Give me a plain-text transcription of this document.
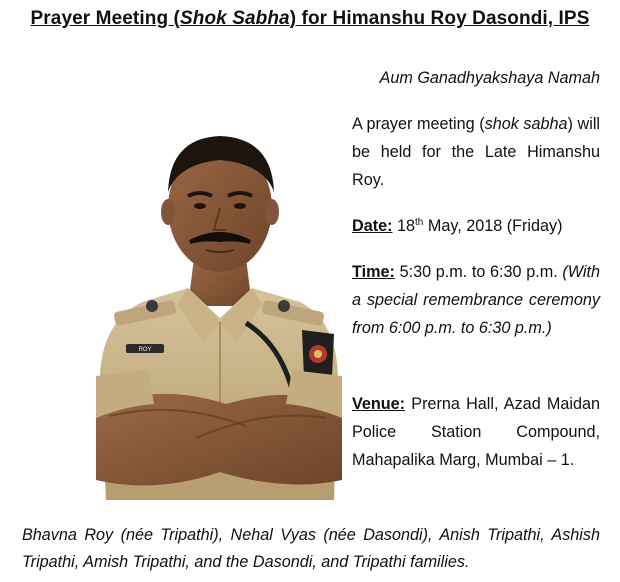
Prayer Meeting (Shok Sabha) for Himanshu Roy Dasondi, IPS
ROY
Aum Ganadhyakshaya Namah
A prayer meeting (shok sabha) will be held for the Late Himanshu Roy.
Date: 18th May, 2018 (Friday)
Time: 5:30 p.m. to 6:30 p.m. (With a special remembrance ceremony from 6:00 p.m. to 6:30 p.m.)
Venue: Prerna Hall, Azad Maidan Police Station Compound, Mahapalika Marg, Mumbai – 1.
Bhavna Roy (née Tripathi), Nehal Vyas (née Dasondi), Anish Tripathi, Ashish Tripathi, Amish Tripathi, and the Dasondi, and Tripathi families.
